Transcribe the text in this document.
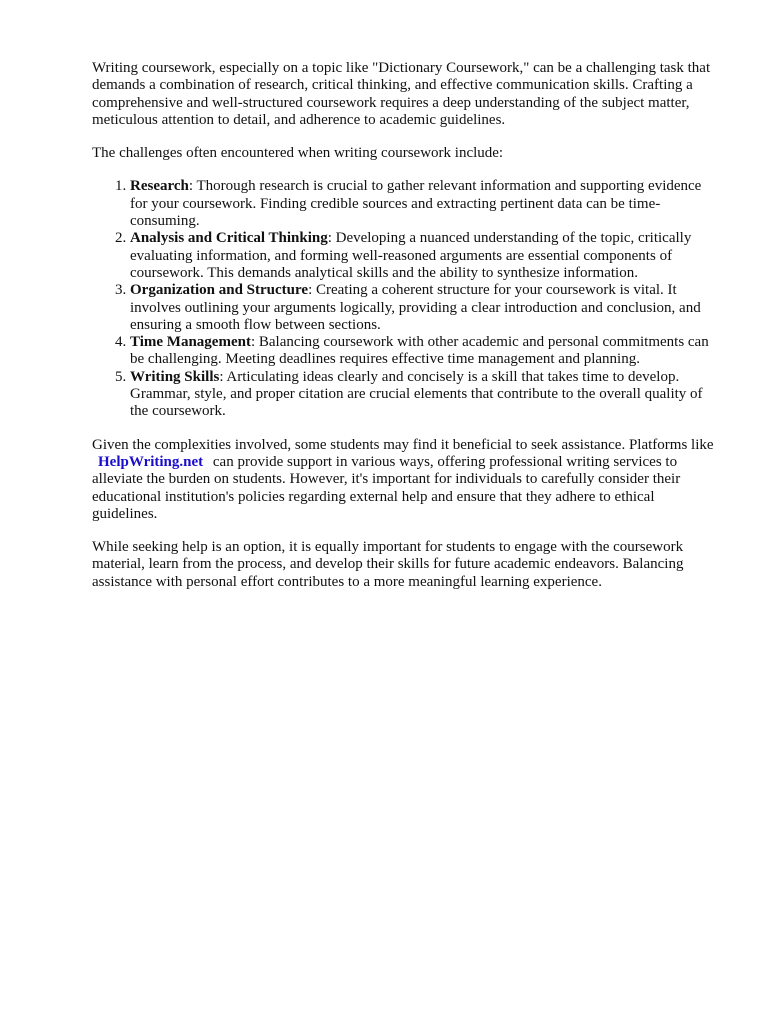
Writing coursework, especially on a topic like "Dictionary Coursework," can be a challenging task that demands a combination of research, critical thinking, and effective communication skills. Crafting a comprehensive and well-structured coursework requires a deep understanding of the subject matter, meticulous attention to detail, and adherence to academic guidelines.

The challenges often encountered when writing coursework include:

1. Research: Thorough research is crucial to gather relevant information and supporting evidence for your coursework. Finding credible sources and extracting pertinent data can be time-consuming.
2. Analysis and Critical Thinking: Developing a nuanced understanding of the topic, critically evaluating information, and forming well-reasoned arguments are essential components of coursework. This demands analytical skills and the ability to synthesize information.
3. Organization and Structure: Creating a coherent structure for your coursework is vital. It involves outlining your arguments logically, providing a clear introduction and conclusion, and ensuring a smooth flow between sections.
4. Time Management: Balancing coursework with other academic and personal commitments can be challenging. Meeting deadlines requires effective time management and planning.
5. Writing Skills: Articulating ideas clearly and concisely is a skill that takes time to develop. Grammar, style, and proper citation are crucial elements that contribute to the overall quality of the coursework.

Given the complexities involved, some students may find it beneficial to seek assistance. Platforms like HelpWriting.net can provide support in various ways, offering professional writing services to alleviate the burden on students. However, it's important for individuals to carefully consider their educational institution's policies regarding external help and ensure that they adhere to ethical guidelines.

While seeking help is an option, it is equally important for students to engage with the coursework material, learn from the process, and develop their skills for future academic endeavors. Balancing assistance with personal effort contributes to a more meaningful learning experience.
